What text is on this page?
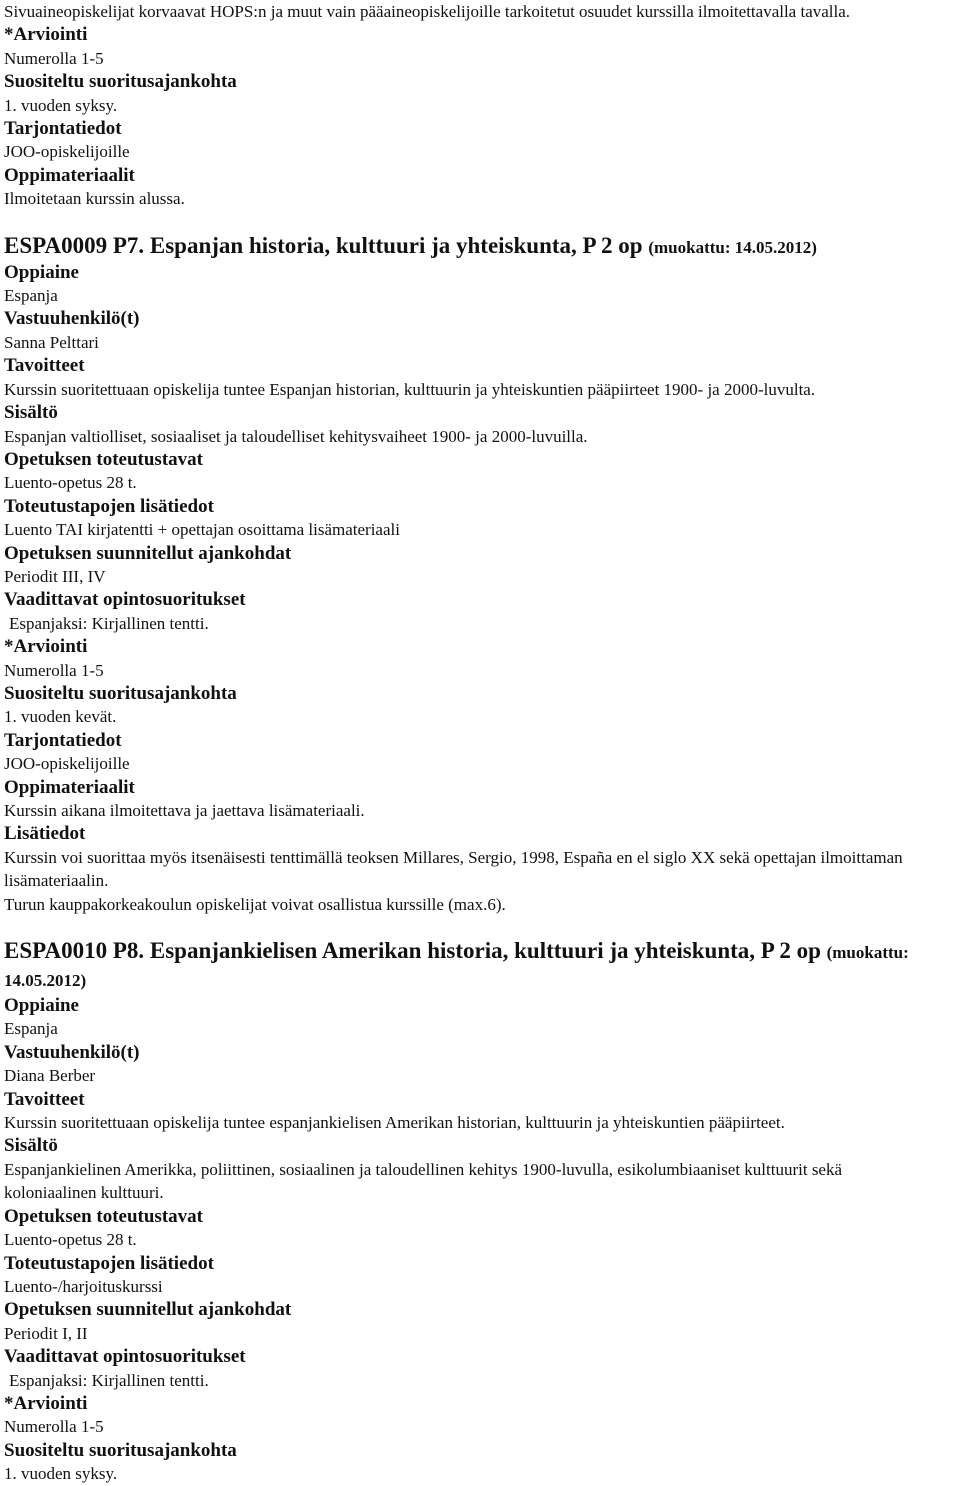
Sivuaineopiskelijat korvaavat HOPS:n ja muut vain pääaineopiskelijoille tarkoitetut osuudet kurssilla ilmoitettavalla tavalla.
*Arviointi
Numerolla 1-5
Suositeltu suoritusajankohta
1. vuoden syksy.
Tarjontatiedot
JOO-opiskelijoille
Oppimateriaalit
Ilmoitetaan kurssin alussa.
ESPA0009 P7. Espanjan historia, kulttuuri ja yhteiskunta, P 2 op (muokattu: 14.05.2012)
Oppiaine
Espanja
Vastuuhenkilö(t)
Sanna Pelttari
Tavoitteet
Kurssin suoritettuaan opiskelija tuntee Espanjan historian, kulttuurin ja yhteiskuntien pääpiirteet 1900- ja 2000-luvulta.
Sisältö
Espanjan valtiolliset, sosiaaliset ja taloudelliset kehitysvaiheet 1900- ja 2000-luvuilla.
Opetuksen toteutustavat
Luento-opetus 28 t.
Toteutustapojen lisätiedot
Luento TAI kirjatentti + opettajan osoittama lisämateriaali
Opetuksen suunnitellut ajankohdat
Periodit III, IV
Vaadittavat opintosuoritukset
Espanjaksi: Kirjallinen tentti.
*Arviointi
Numerolla 1-5
Suositeltu suoritusajankohta
1. vuoden kevät.
Tarjontatiedot
JOO-opiskelijoille
Oppimateriaalit
Kurssin aikana ilmoitettava ja jaettava lisämateriaali.
Lisätiedot
Kurssin voi suorittaa myös itsenäisesti tenttimällä teoksen Millares, Sergio, 1998, España en el siglo XX sekä opettajan ilmoittaman lisämateriaalin.
Turun kauppakorkeakoulun opiskelijat voivat osallistua kurssille (max.6).
ESPA0010 P8. Espanjankielisen Amerikan historia, kulttuuri ja yhteiskunta, P 2 op (muokattu: 14.05.2012)
Oppiaine
Espanja
Vastuuhenkilö(t)
Diana Berber
Tavoitteet
Kurssin suoritettuaan opiskelija tuntee espanjankielisen Amerikan historian, kulttuurin ja yhteiskuntien pääpiirteet.
Sisältö
Espanjankielinen Amerikka, poliittinen, sosiaalinen ja taloudellinen kehitys 1900-luvulla, esikolumbiaaniset kulttuurit sekä koloniaalinen kulttuuri.
Opetuksen toteutustavat
Luento-opetus 28 t.
Toteutustapojen lisätiedot
Luento-/harjoituskurssi
Opetuksen suunnitellut ajankohdat
Periodit I, II
Vaadittavat opintosuoritukset
Espanjaksi: Kirjallinen tentti.
*Arviointi
Numerolla 1-5
Suositeltu suoritusajankohta
1. vuoden syksy.
